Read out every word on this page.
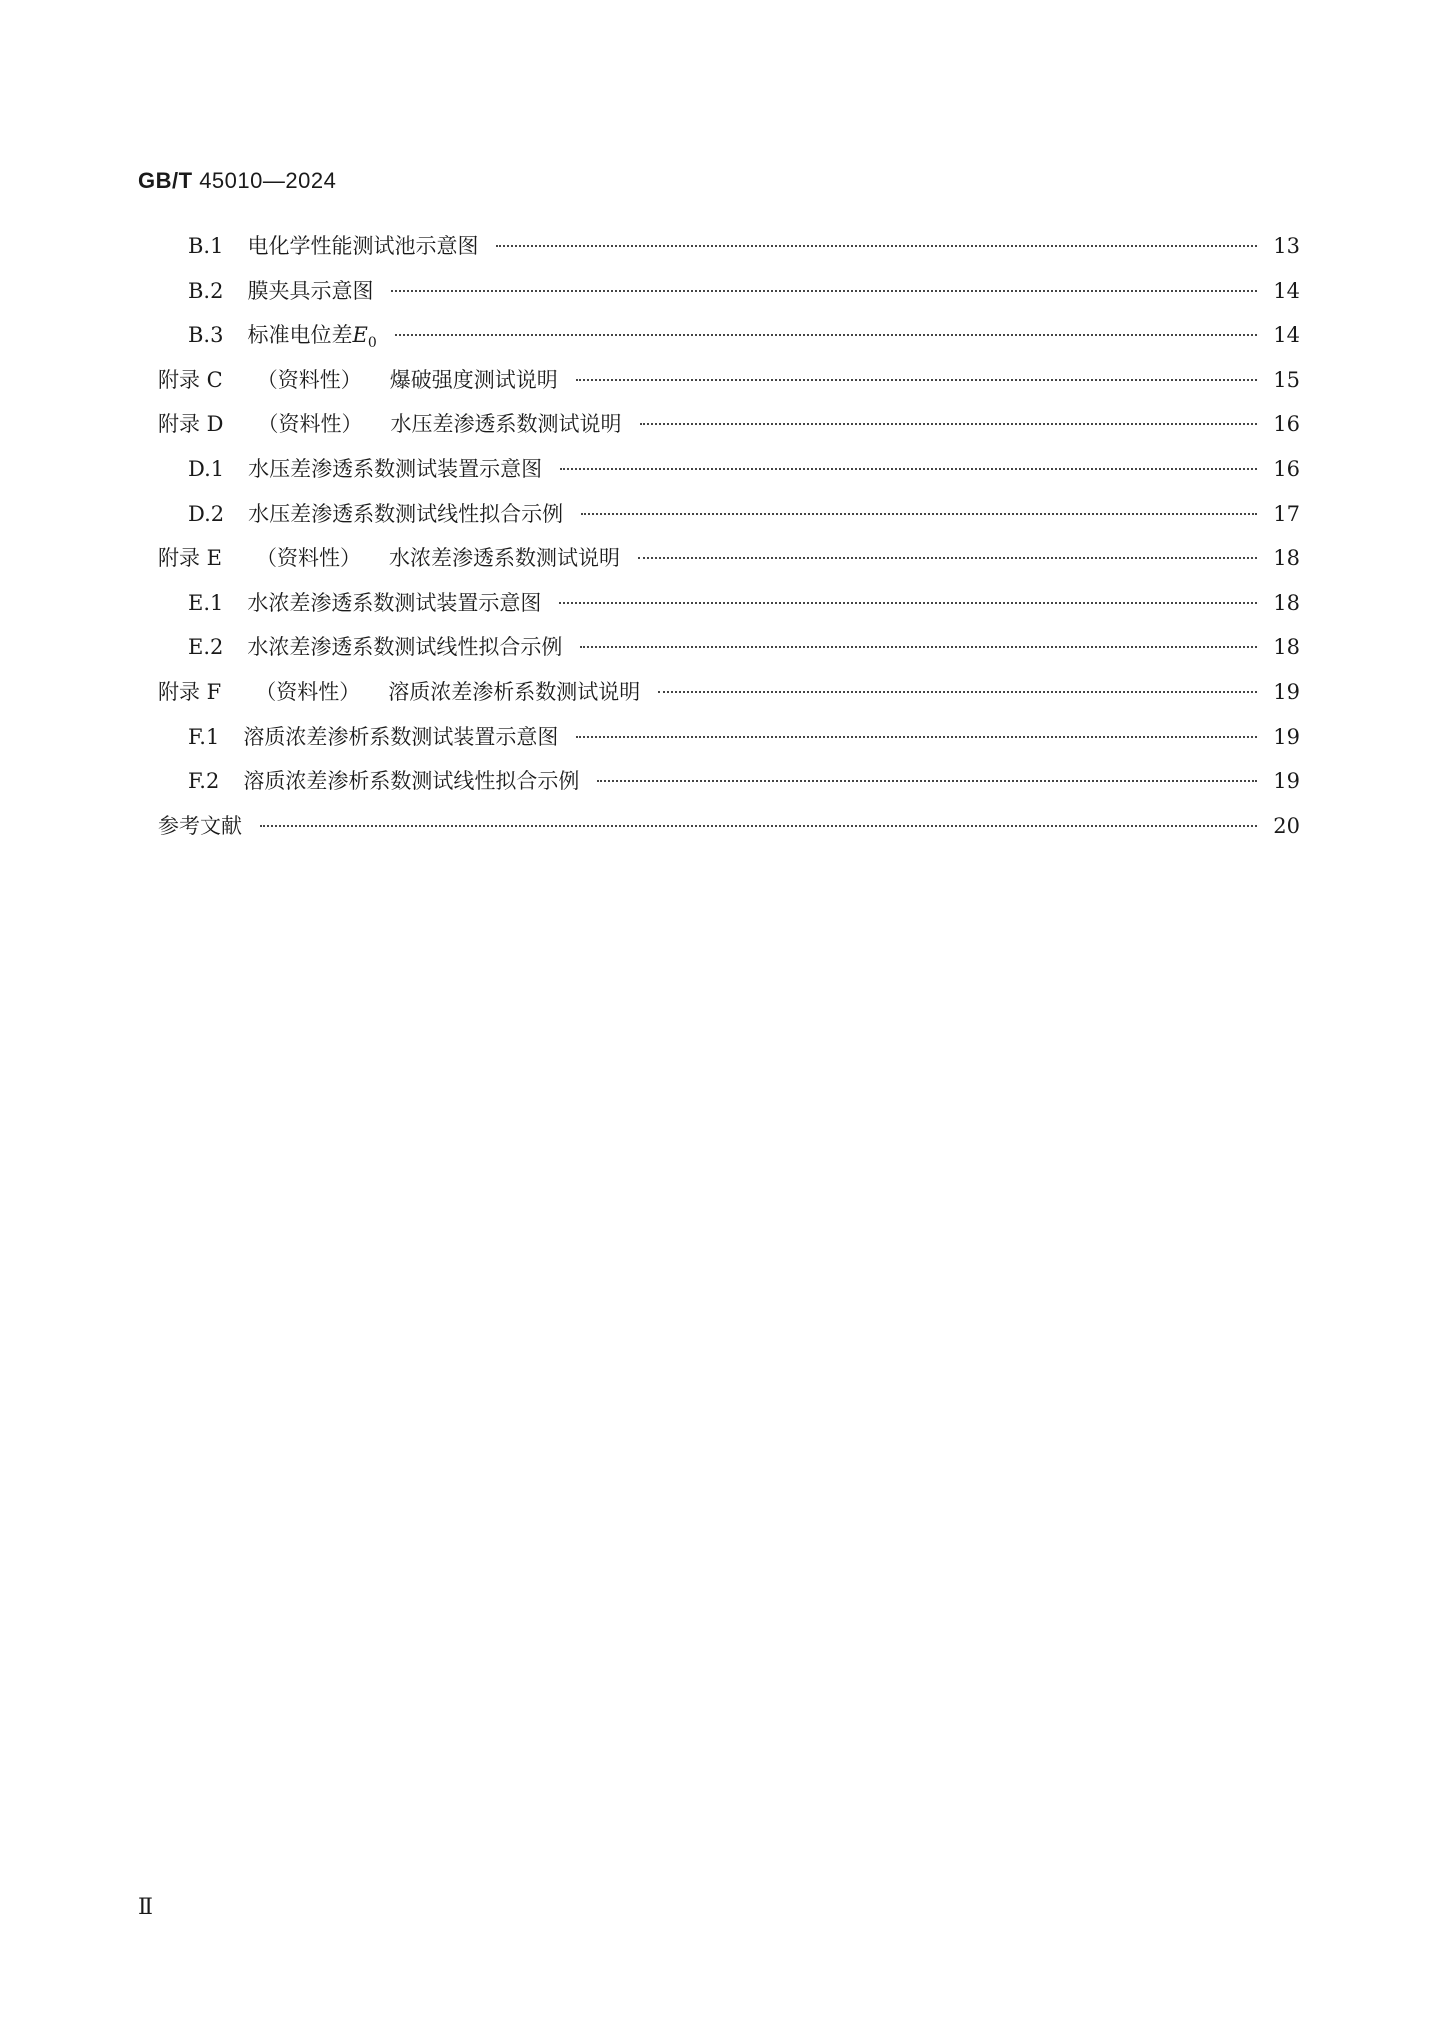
GB/T 45010—2024
B.1 电化学性能测试池示意图	13
B.2 膜夹具示意图	14
B.3 标准电位差 $E_0$	14
附录 C （资料性） 爆破强度测试说明	15
附录 D （资料性） 水压差渗透系数测试说明	16
D.1 水压差渗透系数测试装置示意图	16
D.2 水压差渗透系数测试线性拟合示例	17
附录 E （资料性） 水浓差渗透系数测试说明	18
E.1 水浓差渗透系数测试装置示意图	18
E.2 水浓差渗透系数测试线性拟合示例	18
附录 F （资料性） 溶质浓差渗析系数测试说明	19
F.1 溶质浓差渗析系数测试装置示意图	19
F.2 溶质浓差渗析系数测试线性拟合示例	19
参考文献	20
Ⅱ
